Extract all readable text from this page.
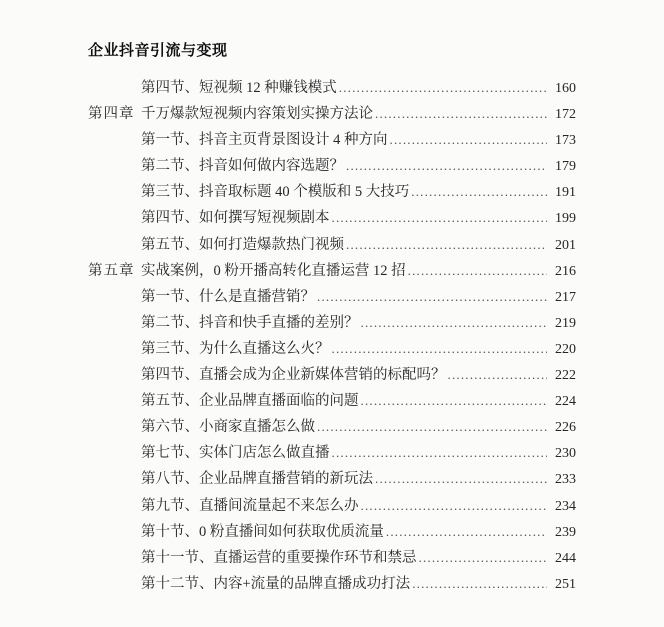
企业抖音引流与变现
第四节、短视频 12 种赚钱模式 .....	160
第四章 千万爆款短视频内容策划实操方法论 .....	172
第一节、抖音主页背景图设计 4 种方向 .....	173
第二节、抖音如何做内容选题？ .....	179
第三节、抖音取标题 40 个模版和 5 大技巧 .....	191
第四节、如何撰写短视频剧本 .....	199
第五节、如何打造爆款热门视频 .....	201
第五章 实战案例，0 粉开播高转化直播运营 12 招 .....	216
第一节、什么是直播营销？ .....	217
第二节、抖音和快手直播的差别？ .....	219
第三节、为什么直播这么火？ .....	220
第四节、直播会成为企业新媒体营销的标配吗？ .....	222
第五节、企业品牌直播面临的问题 .....	224
第六节、小商家直播怎么做 .....	226
第七节、实体门店怎么做直播 .....	230
第八节、企业品牌直播营销的新玩法 .....	233
第九节、直播间流量起不来怎么办 .....	234
第十节、0 粉直播间如何获取优质流量 .....	239
第十一节、直播运营的重要操作环节和禁忌 .....	244
第十二节、内容+流量的品牌直播成功打法 .....	251
